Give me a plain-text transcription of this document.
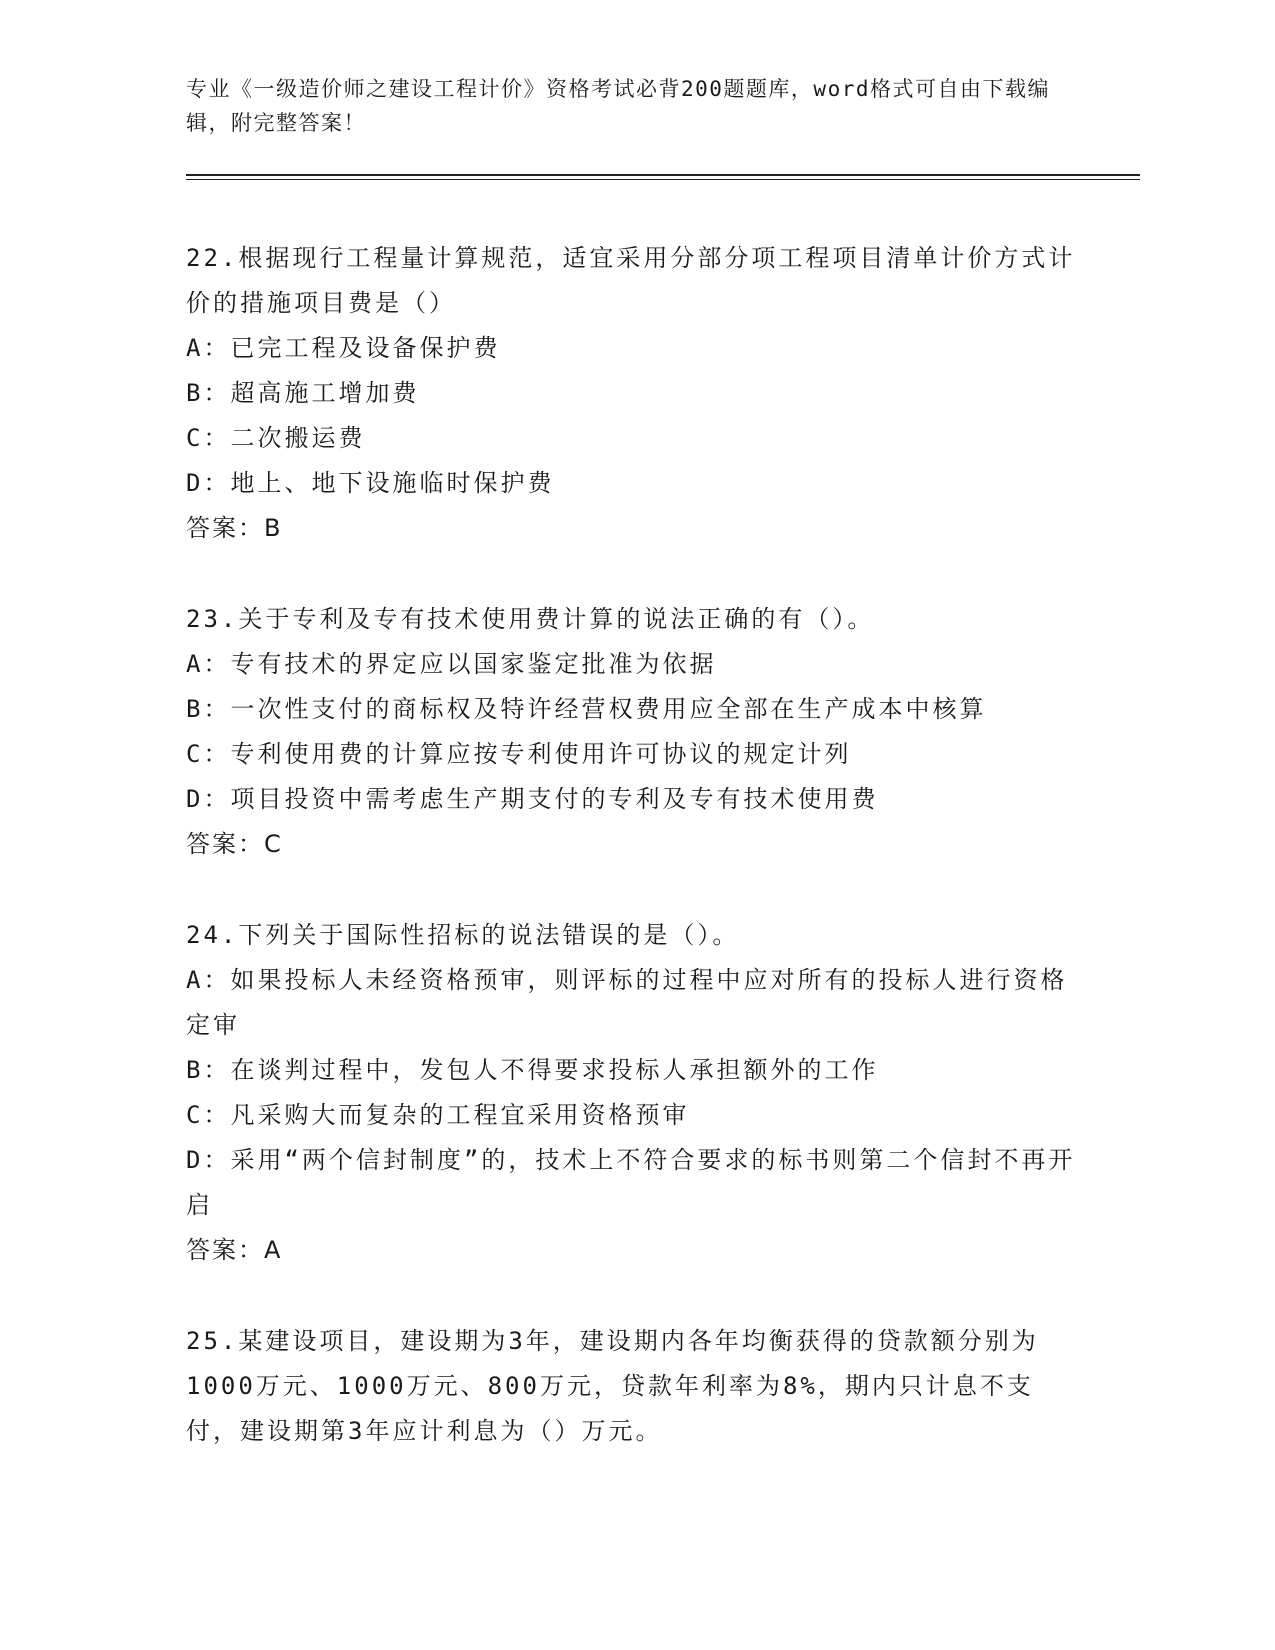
专业《一级造价师之建设工程计价》资格考试必背200题题库，word格式可自由下载编辑，附完整答案！
22.根据现行工程量计算规范，适宜采用分部分项工程项目清单计价方式计价的措施项目费是（）
A：已完工程及设备保护费
B：超高施工增加费
C：二次搬运费
D：地上、地下设施临时保护费
答案：B
23.关于专利及专有技术使用费计算的说法正确的有（）。
A：专有技术的界定应以国家鉴定批准为依据
B：一次性支付的商标权及特许经营权费用应全部在生产成本中核算
C：专利使用费的计算应按专利使用许可协议的规定计列
D：项目投资中需考虑生产期支付的专利及专有技术使用费
答案：C
24.下列关于国际性招标的说法错误的是（）。
A：如果投标人未经资格预审，则评标的过程中应对所有的投标人进行资格定审
B：在谈判过程中，发包人不得要求投标人承担额外的工作
C：凡采购大而复杂的工程宜采用资格预审
D：采用“两个信封制度”的，技术上不符合要求的标书则第二个信封不再开启
答案：A
25.某建设项目，建设期为3年，建设期内各年均衡获得的贷款额分别为1000万元、1000万元、800万元，贷款年利率为8%，期内只计息不支付，建设期第3年应计利息为（）万元。
